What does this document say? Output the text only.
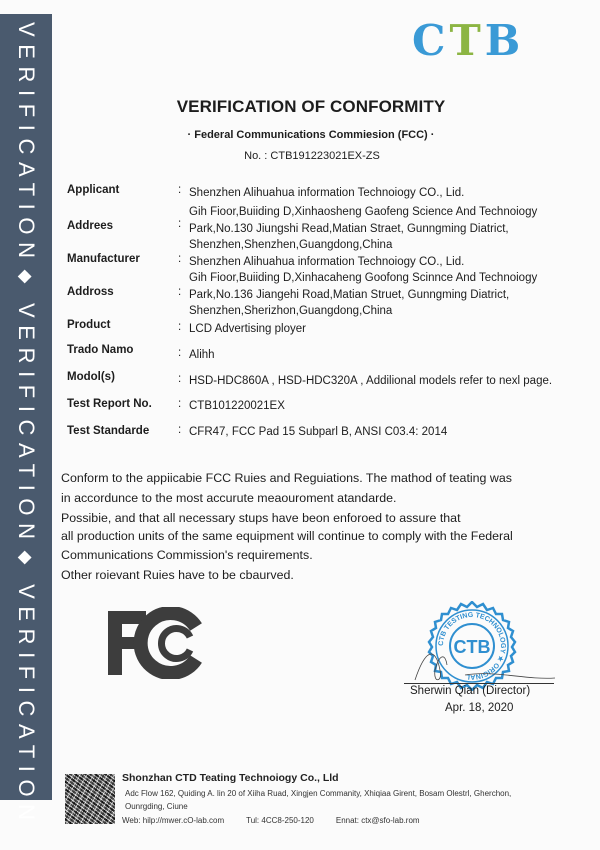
VERIFICATION
◆
VERIFICATION
◆
VERIFICATION
C T B
VERIFICATION OF CONFORMITY
· Federal Communications Commiesion (FCC) ·
No. : CTB191223021EX-ZS
Applicant	: Shenzhen Alihuahua information Technoiogy CO., Lid.
Addrees	:
Gih Fioor,Buiiding D,Xinhaosheng Gaofeng Science And Technoiogy
Park,No.130 Jiungshi Read,Matian Straet, Gunngming Diatrict,
Shenzhen,Shenzhen,Guangdong,China
Manufacturer	: Shenzhen Alihuahua information Technoiogy CO., Lid.
Addross	:
Gih Fioor,Buiiding D,Xinhacaheng Goofong Scinnce And Technoiogy
Park,No.136 Jiangehi Road,Matian Struet, Gunngming Diatrict,
Shenzhen,Sherizhon,Guangdong,China
Product	: LCD Advertising ployer
Trado Namo	: Alihh
Modol(s)	: HSD-HDC860A , HSD-HDC320A , Addilional models refer to nexl page.
Test Report No. : CTB101220021EX
Test Standarde	: CFR47, FCC Pad 15 Subparl B, ANSI C03.4: 2014

Conform to the appiicabie FCC Ruies and Reguiations. The mathod of teating was

in accordunce to the most accurute meaouroment atandarde.

Possibie, and that all necessary stups have beon enforoed to assure that

all production units of the same equipment will continue to comply with the Federal

Communications Commission's requirements.

Other roievant Ruies have to be cbaurved.

CTB
CTB TESTING TECHNOLOGY ★ ORIGINAL
Sherwin Qian (Director)
Apr. 18, 2020
Shonzhan CTD Teating Technoiogy Co., Lld
Adc Flow 162, Quiding A. lin 20 of Xiiha Ruad, Xingjen Commanity, Xhiqiaa Girent, Bosam Olestrl, Gherchon,
Ounrgding, Ciune
Web: hilp://mwer.cO-lab.com	Tul: 4CC8-250-120	Ennat: ctx@sfo-lab.rom
